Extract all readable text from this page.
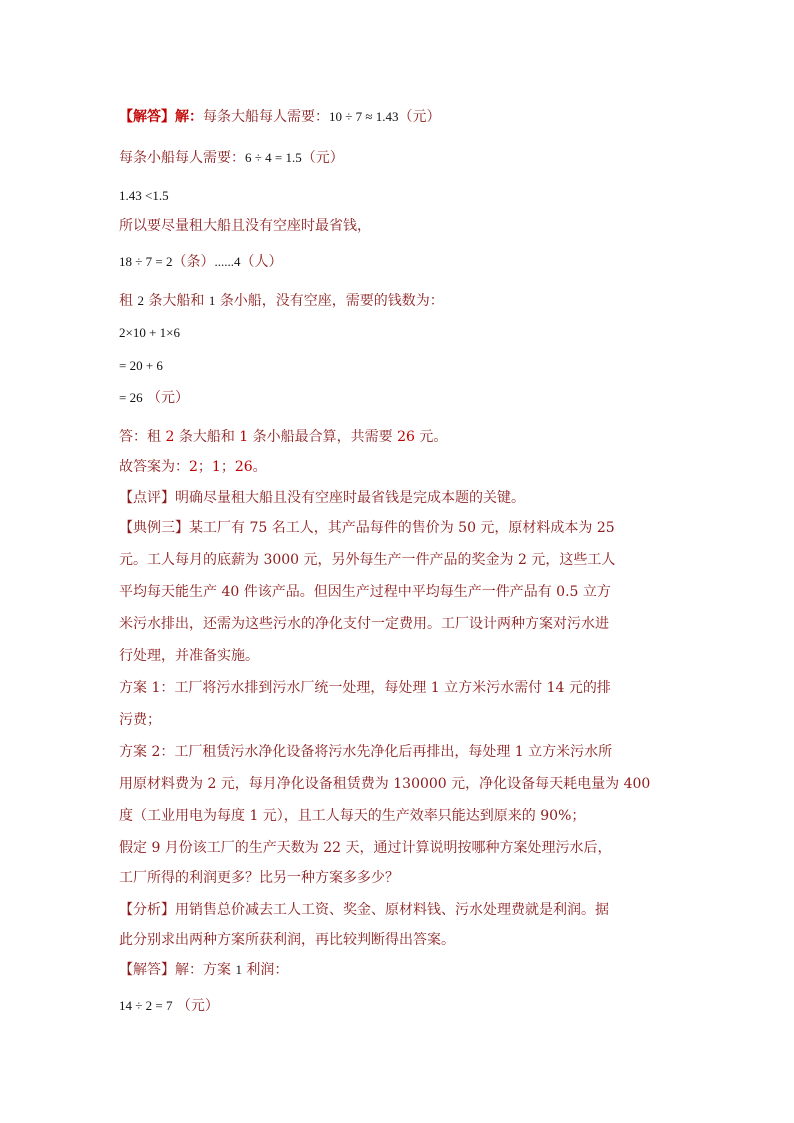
【解答】解：每条大船每人需要：10 ÷ 7 ≈ 1.43（元）
每条小船每人需要：6 ÷ 4 = 1.5（元）
1.43 <1.5
所以要尽量租大船且没有空座时最省钱，
18 ÷ 7 = 2（条）......4（人）
租 2 条大船和 1 条小船，没有空座，需要的钱数为：
2×10 + 1×6
= 20 + 6
= 26 （元）
答：租 2 条大船和 1 条小船最合算，共需要 26 元。
故答案为：2；1；26。
【点评】明确尽量租大船且没有空座时最省钱是完成本题的关键。
【典例三】某工厂有 75 名工人，其产品每件的售价为 50 元，原材料成本为 25
元。工人每月的底薪为 3000 元，另外每生产一件产品的奖金为 2 元，这些工人
平均每天能生产 40 件该产品。但因生产过程中平均每生产一件产品有 0.5 立方
米污水排出，还需为这些污水的净化支付一定费用。工厂设计两种方案对污水进
行处理，并准备实施。
方案 1：工厂将污水排到污水厂统一处理，每处理 1 立方米污水需付 14 元的排
污费；
方案 2：工厂租赁污水净化设备将污水先净化后再排出，每处理 1 立方米污水所
用原材料费为 2 元，每月净化设备租赁费为 130000 元，净化设备每天耗电量为 400
度（工业用电为每度 1 元），且工人每天的生产效率只能达到原来的 90%；
假定 9 月份该工厂的生产天数为 22 天，通过计算说明按哪种方案处理污水后，
工厂所得的利润更多？比另一种方案多多少？
【分析】用销售总价减去工人工资、奖金、原材料钱、污水处理费就是利润。据
此分别求出两种方案所获利润，再比较判断得出答案。
【解答】解：方案 1 利润：
14 ÷ 2 = 7 （元）
